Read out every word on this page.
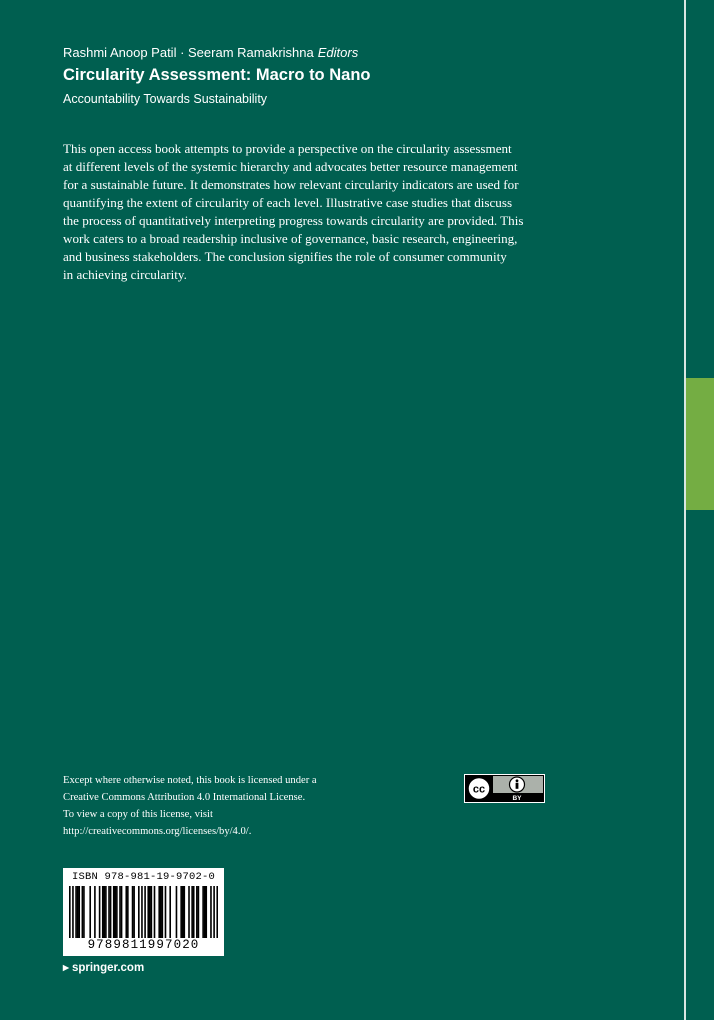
Rashmi Anoop Patil · Seeram Ramakrishna Editors
Circularity Assessment: Macro to Nano
Accountability Towards Sustainability
This open access book attempts to provide a perspective on the circularity assessment
at different levels of the systemic hierarchy and advocates better resource management
for a sustainable future. It demonstrates how relevant circularity indicators are used for
quantifying the extent of circularity of each level. Illustrative case studies that discuss
the process of quantitatively interpreting progress towards circularity are provided. This
work caters to a broad readership inclusive of governance, basic research, engineering,
and business stakeholders. The conclusion signifies the role of consumer community
in achieving circularity.
Except where otherwise noted, this book is licensed under a
Creative Commons Attribution 4.0 International License.
To view a copy of this license, visit
http://creativecommons.org/licenses/by/4.0/.
cc
BY
ISBN 978-981-19-9702-0
9789811997020
▸ springer.com
